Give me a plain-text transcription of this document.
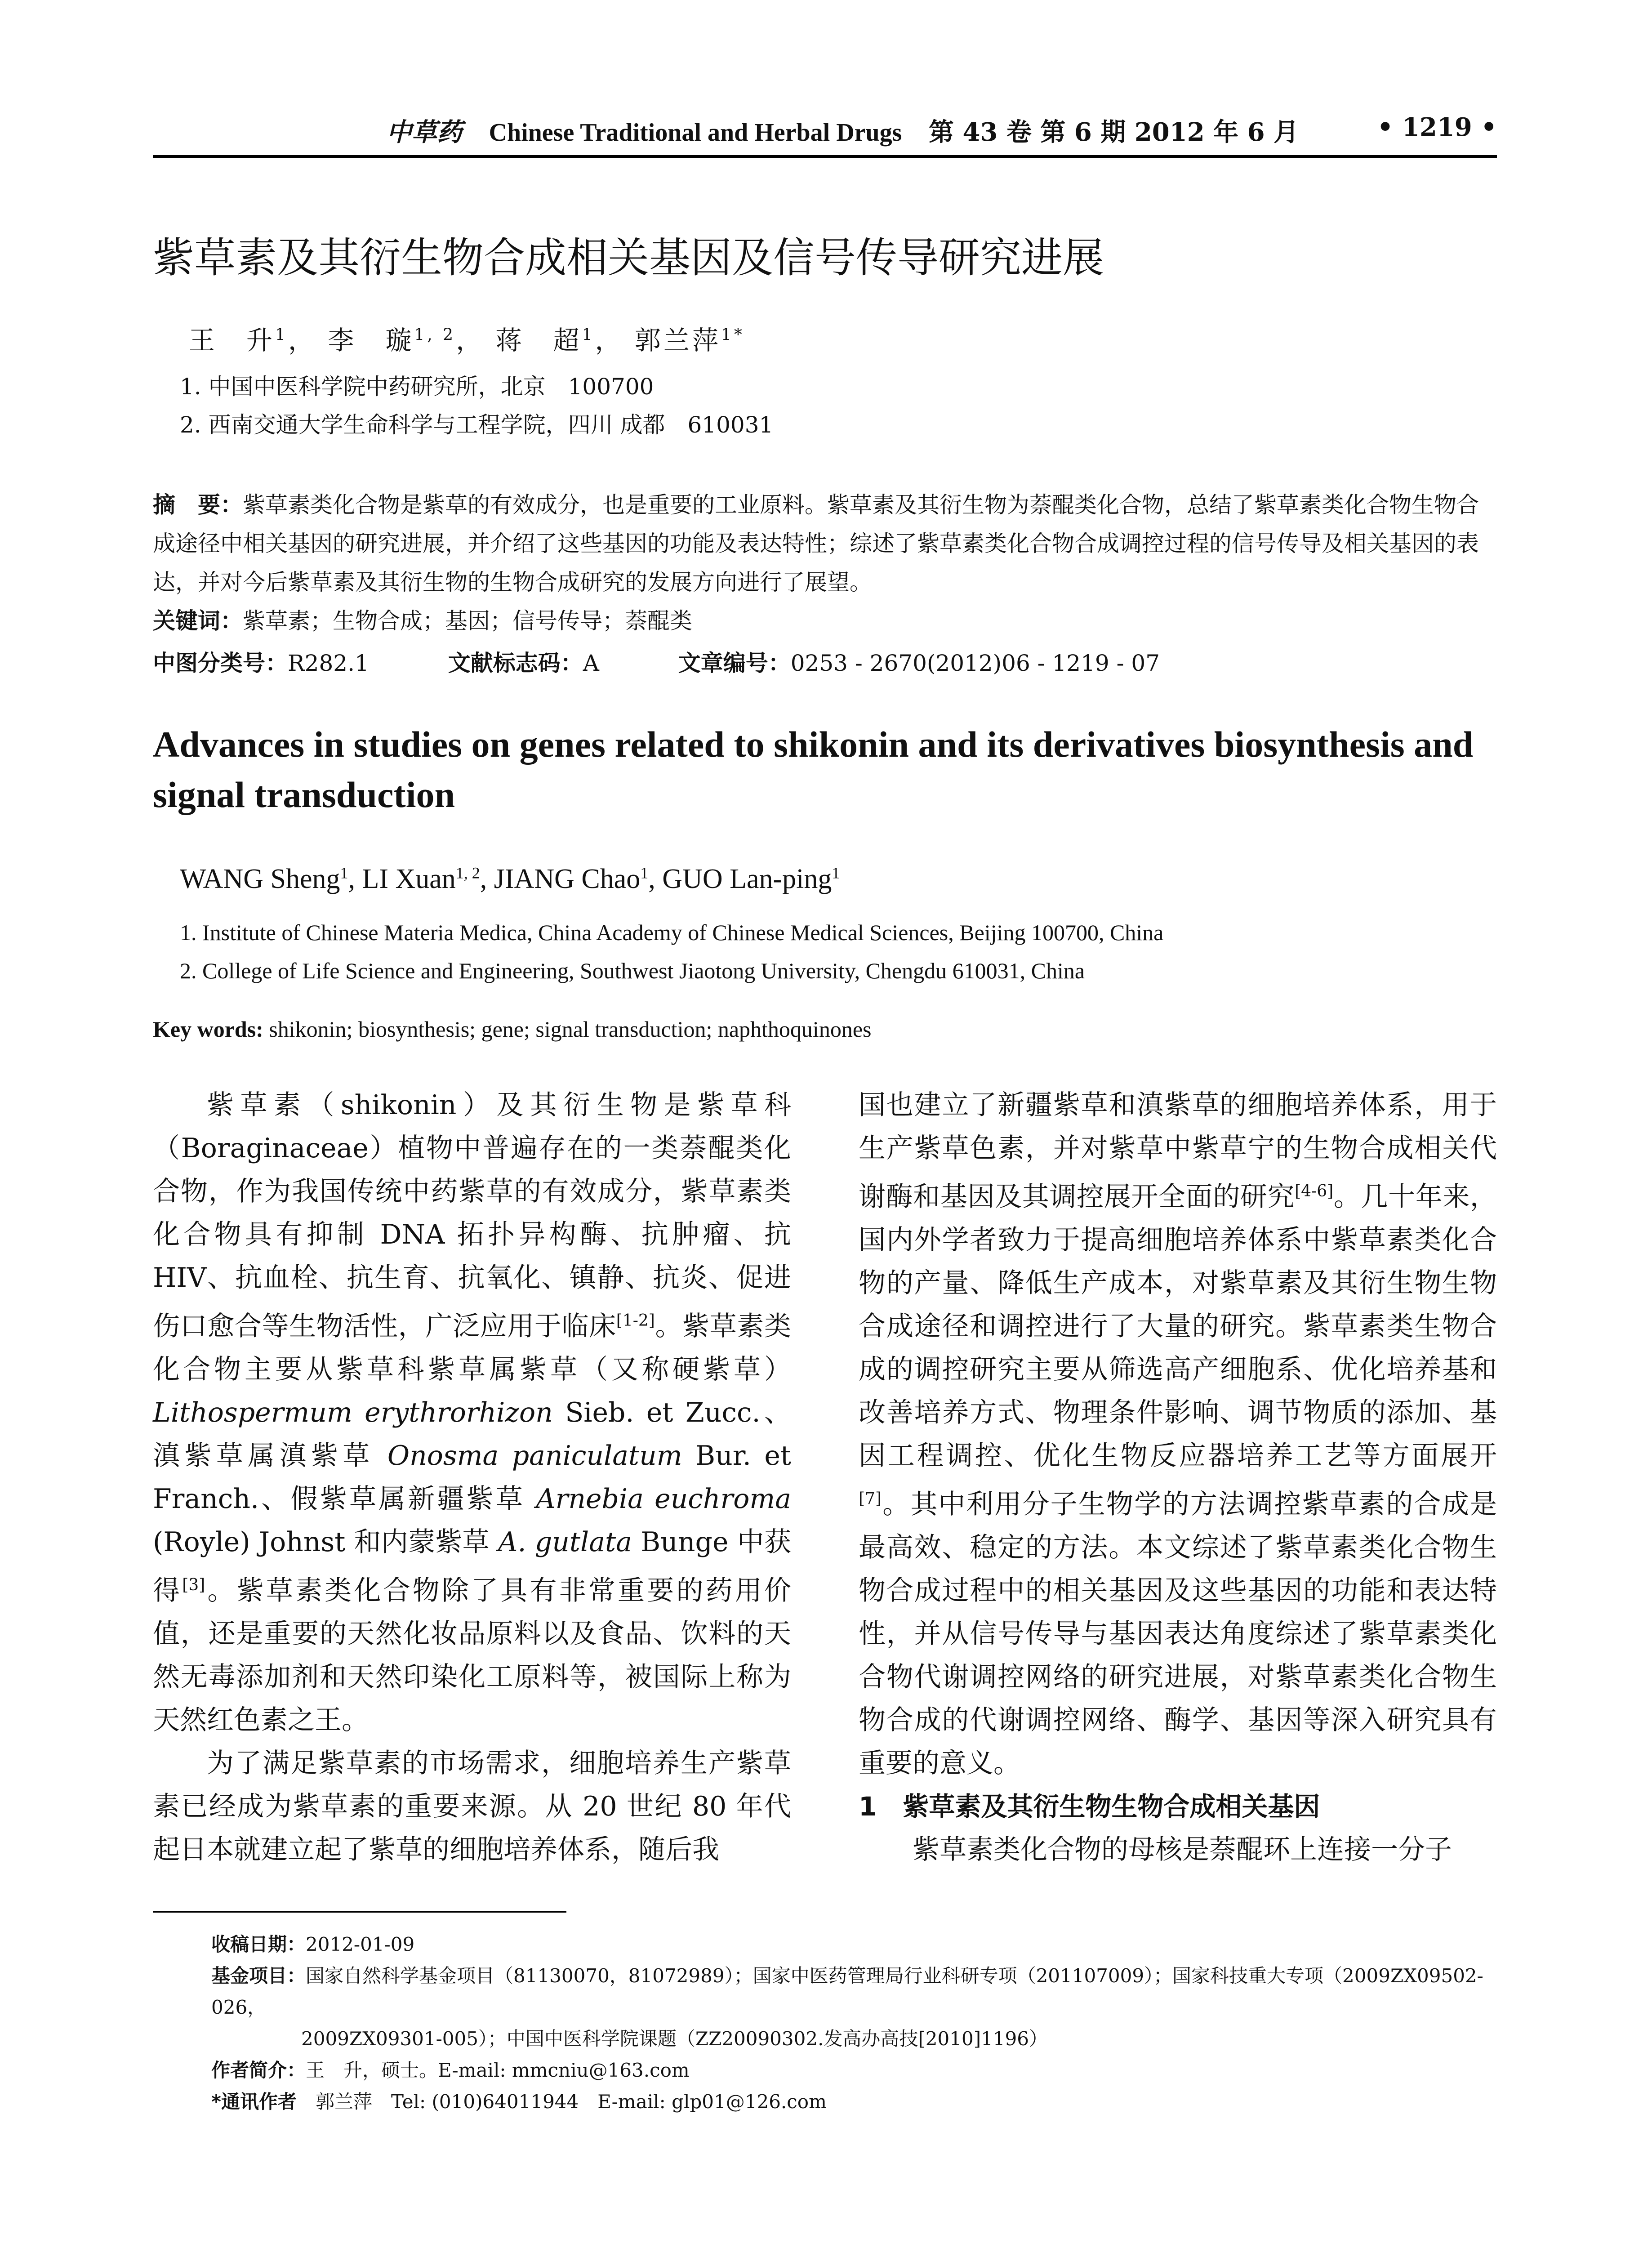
中草药 Chinese Traditional and Herbal Drugs 第 43 卷 第 6 期 2012 年 6 月	• 1219 •
紫草素及其衍生物合成相关基因及信号传导研究进展
王　升$^1$， 李　璇$^{1, 2}$， 蒋　超$^1$， 郭兰萍$^{1*}$
1. 中国中医科学院中药研究所，北京　100700
2. 西南交通大学生命科学与工程学院，四川 成都　610031
摘　要：紫草素类化合物是紫草的有效成分，也是重要的工业原料。紫草素及其衍生物为萘醌类化合物，总结了紫草素类化合物生物合成途径中相关基因的研究进展，并介绍了这些基因的功能及表达特性；综述了紫草素类化合物合成调控过程的信号传导及相关基因的表达，并对今后紫草素及其衍生物的生物合成研究的发展方向进行了展望。
关键词：紫草素；生物合成；基因；信号传导；萘醌类
中图分类号：R282.1	文献标志码：A	文章编号：0253 - 2670(2012)06 - 1219 - 07
Advances in studies on genes related to shikonin and its derivatives biosynthesis and signal transduction
WANG Sheng$^1$, LI Xuan$^{1, 2}$, JIANG Chao$^1$, GUO Lan-ping$^1$
1. Institute of Chinese Materia Medica, China Academy of Chinese Medical Sciences, Beijing 100700, China
2. College of Life Science and Engineering, Southwest Jiaotong University, Chengdu 610031, China
Key words: shikonin; biosynthesis; gene; signal transduction; naphthoquinones

紫草素（shikonin）及其衍生物是紫草科（Boraginaceae）植物中普遍存在的一类萘醌类化合物，作为我国传统中药紫草的有效成分，紫草素类化合物具有抑制 DNA 拓扑异构酶、抗肿瘤、抗 HIV、抗血栓、抗生育、抗氧化、镇静、抗炎、促进伤口愈合等生物活性，广泛应用于临床[1-2]。紫草素类化合物主要从紫草科紫草属紫草（又称硬紫草）Lithospermum erythrorhizon Sieb. et Zucc.、滇紫草属滇紫草 Onosma paniculatum Bur. et Franch.、假紫草属新疆紫草 Arnebia euchroma (Royle) Johnst 和内蒙紫草 A. gutlata Bunge 中获得[3]。紫草素类化合物除了具有非常重要的药用价值，还是重要的天然化妆品原料以及食品、饮料的天然无毒添加剂和天然印染化工原料等，被国际上称为天然红色素之王。

为了满足紫草素的市场需求，细胞培养生产紫草素已经成为紫草素的重要来源。从 20 世纪 80 年代起日本就建立起了紫草的细胞培养体系，随后我

国也建立了新疆紫草和滇紫草的细胞培养体系，用于生产紫草色素，并对紫草中紫草宁的生物合成相关代谢酶和基因及其调控展开全面的研究[4-6]。几十年来，国内外学者致力于提高细胞培养体系中紫草素类化合物的产量、降低生产成本，对紫草素及其衍生物生物合成途径和调控进行了大量的研究。紫草素类生物合成的调控研究主要从筛选高产细胞系、优化培养基和改善培养方式、物理条件影响、调节物质的添加、基因工程调控、优化生物反应器培养工艺等方面展开[7]。其中利用分子生物学的方法调控紫草素的合成是最高效、稳定的方法。本文综述了紫草素类化合物生物合成过程中的相关基因及这些基因的功能和表达特性，并从信号传导与基因表达角度综述了紫草素类化合物代谢调控网络的研究进展，对紫草素类化合物生物合成的代谢调控网络、酶学、基因等深入研究具有重要的意义。

1　紫草素及其衍生物生物合成相关基因

紫草素类化合物的母核是萘醌环上连接一分子

收稿日期：2012-01-09
基金项目：国家自然科学基金项目（81130070，81072989）；国家中医药管理局行业科研专项（201107009）；国家科技重大专项（2009ZX09502-026，
2009ZX09301-005）；中国中医科学院课题（ZZ20090302.发高办高技[2010]1196）
作者简介：王　升，硕士。E-mail: mmcniu@163.com
*通讯作者　 郭兰萍　Tel: (010)64011944　E-mail: glp01@126.com
